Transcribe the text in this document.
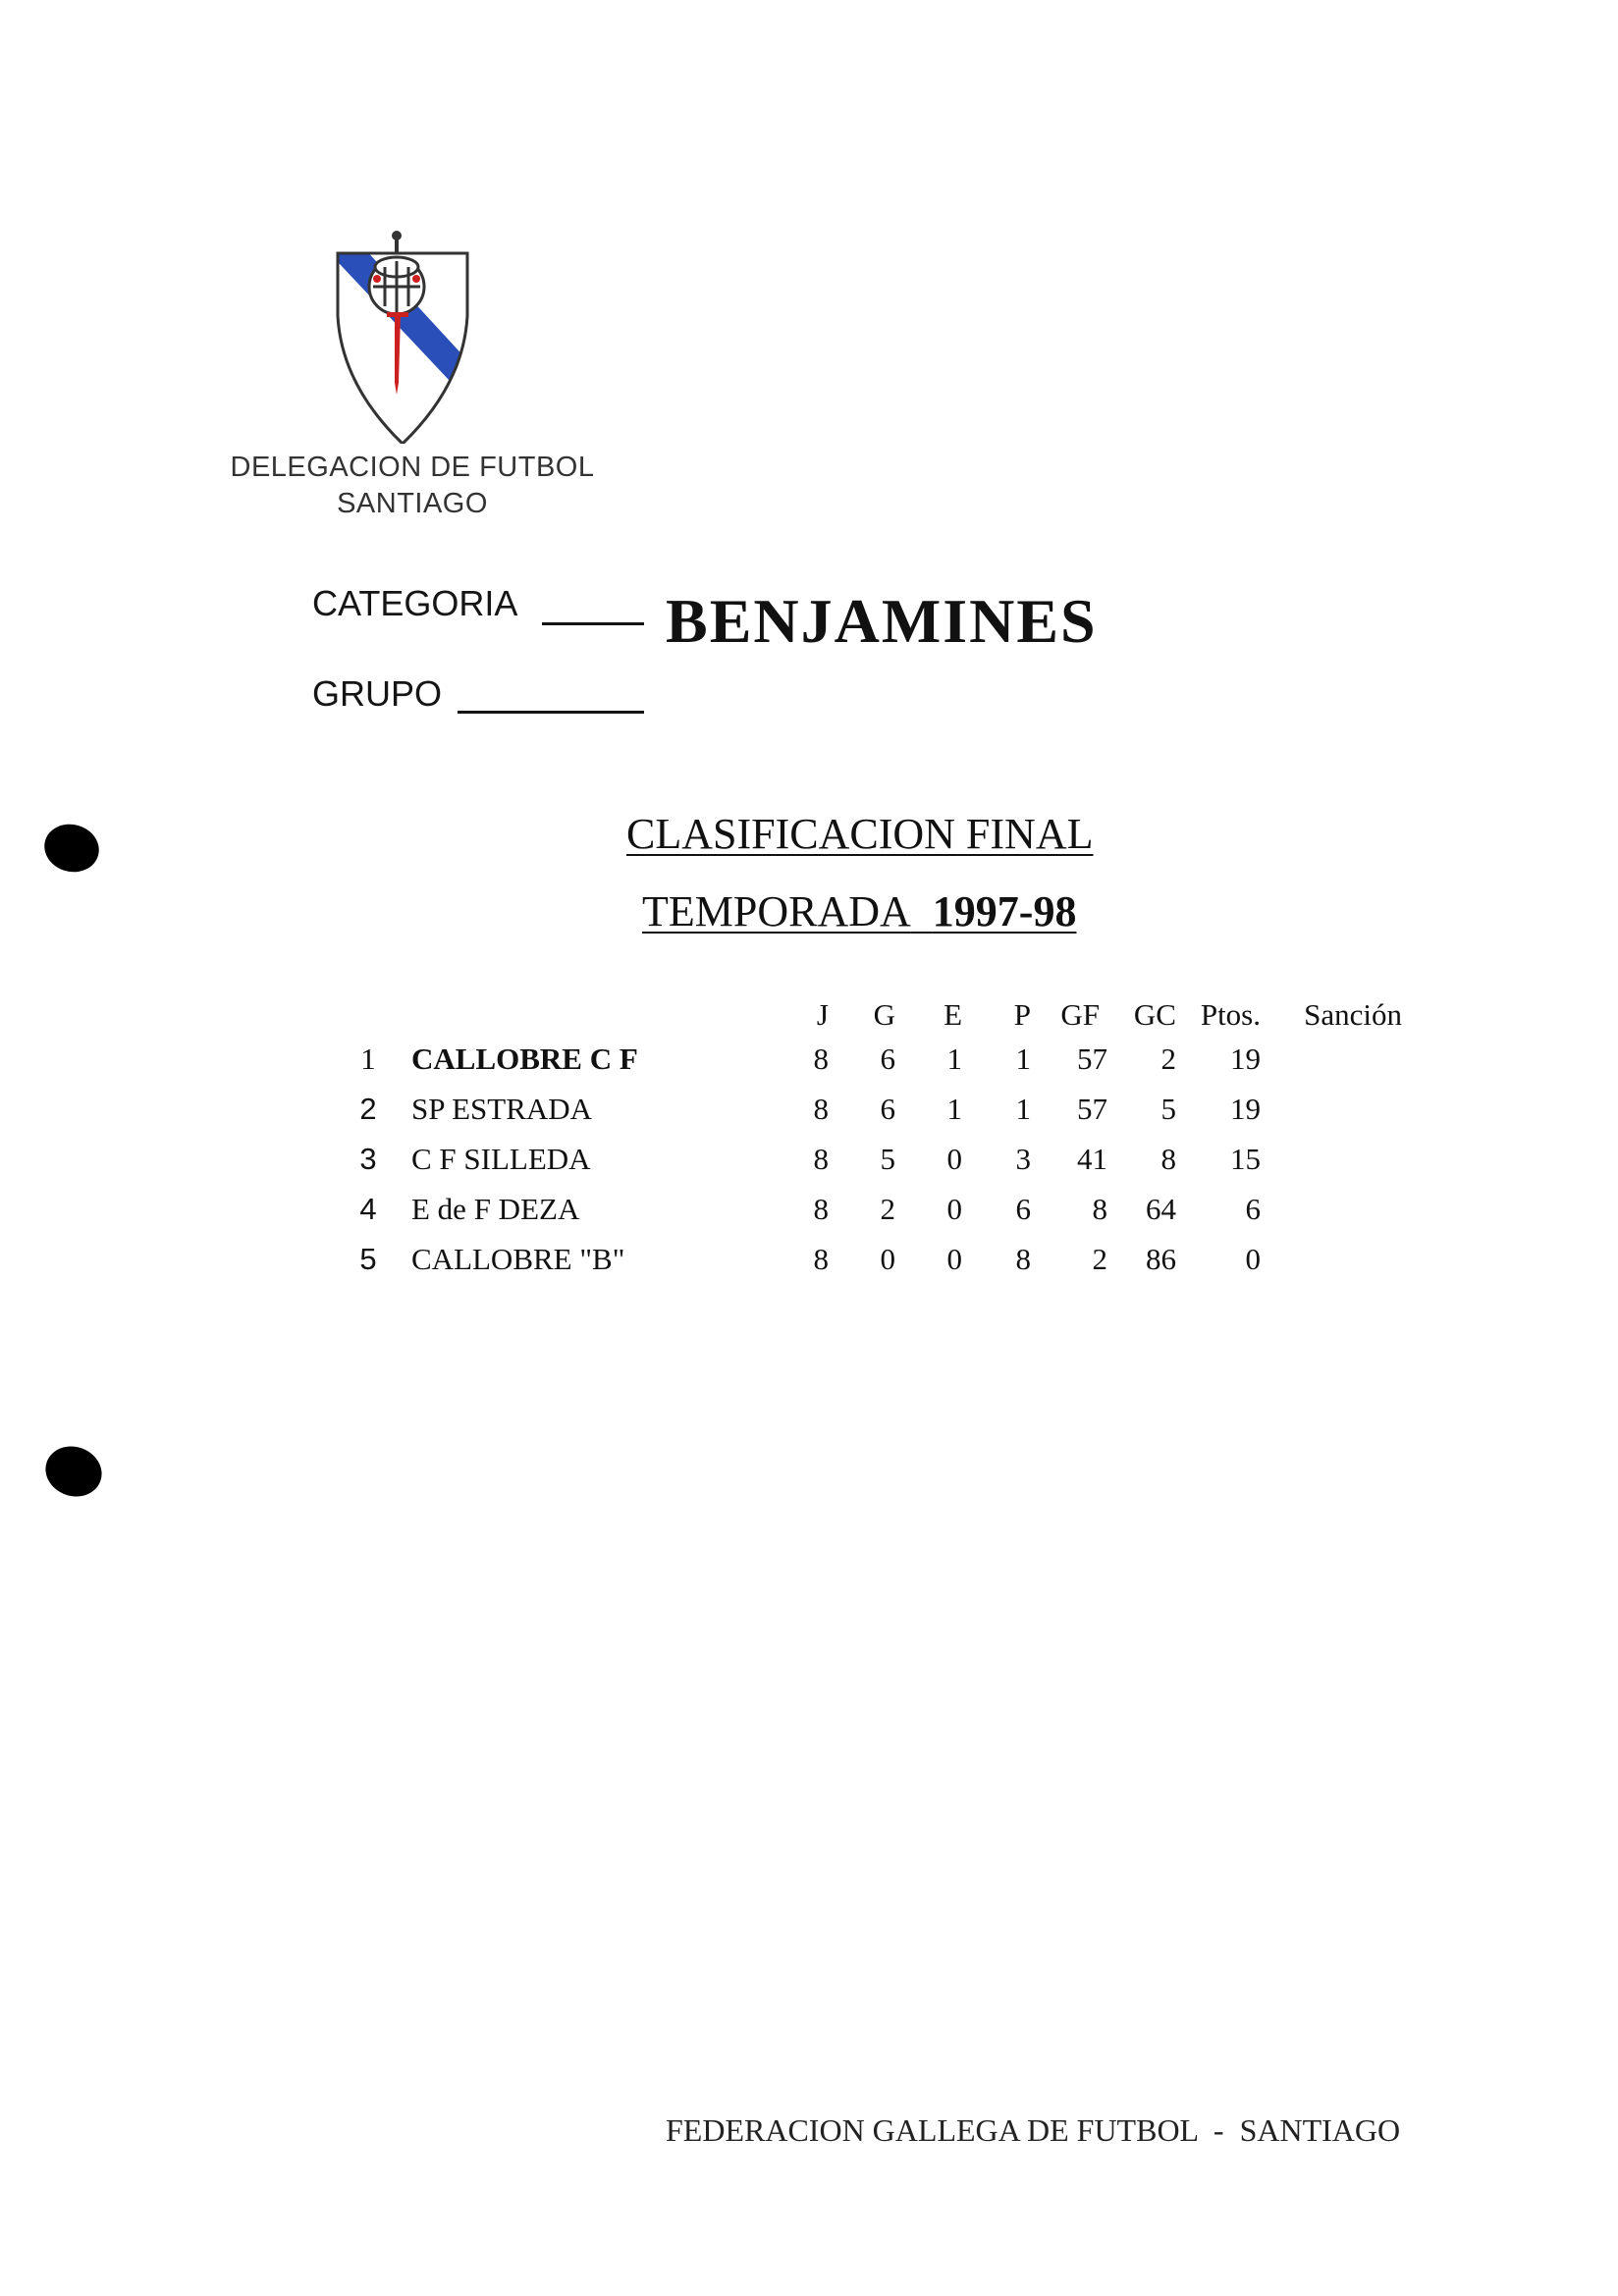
DELEGACION DE FUTBOL
SANTIAGO
CATEGORIA BENJAMINES
GRUPO
CLASIFICACION FINAL
TEMPORADA 1997-98
J	G	E	P GF	GC Ptos.	Sanción
1 CALLOBRE C F	8	6	1	1	57	2	19
2 SP ESTRADA	8	6	1	1	57	5	19
3 C F SILLEDA	8	5	0	3	41	8	15
4 E de F DEZA	8	2	0	6	8	64	6
5 CALLOBRE "B"	8	0	0	8	2	86	0
FEDERACION GALLEGA DE FUTBOL  -  SANTIAGO
